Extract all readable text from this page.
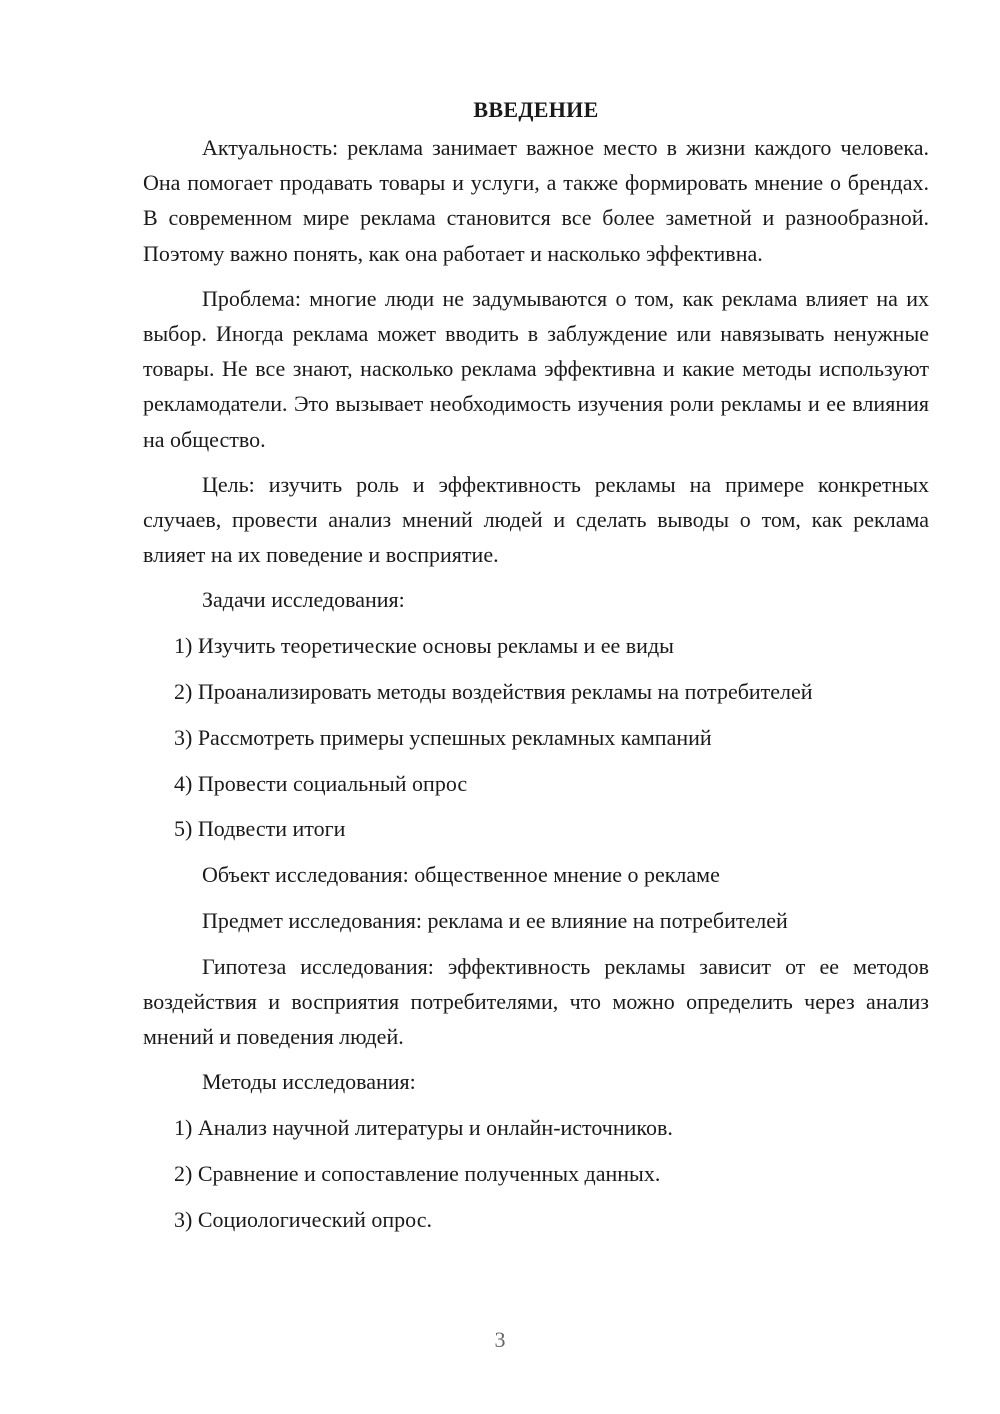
ВВЕДЕНИЕ

Актуальность: реклама занимает важное место в жизни каждого человека. Она помогает продавать товары и услуги, а также формировать мнение о брендах. В современном мире реклама становится все более заметной и разнообразной. Поэтому важно понять, как она работает и насколько эффективна.

Проблема: многие люди не задумываются о том, как реклама влияет на их выбор. Иногда реклама может вводить в заблуждение или навязывать ненужные товары. Не все знают, насколько реклама эффективна и какие методы используют рекламодатели. Это вызывает необходимость изучения роли рекламы и ее влияния на общество.

Цель: изучить роль и эффективность рекламы на примере конкретных случаев, провести анализ мнений людей и сделать выводы о том, как реклама влияет на их поведение и восприятие.

Задачи исследования:

1) Изучить теоретические основы рекламы и ее виды

2) Проанализировать методы воздействия рекламы на потребителей

3) Рассмотреть примеры успешных рекламных кампаний

4) Провести социальный опрос

5) Подвести итоги

Объект исследования: общественное мнение о рекламе

Предмет исследования: реклама и ее влияние на потребителей

Гипотеза исследования: эффективность рекламы зависит от ее методов воздействия и восприятия потребителями, что можно определить через анализ мнений и поведения людей.

Методы исследования:

1) Анализ научной литературы и онлайн-источников.

2) Сравнение и сопоставление полученных данных.

3) Социологический опрос.

3
